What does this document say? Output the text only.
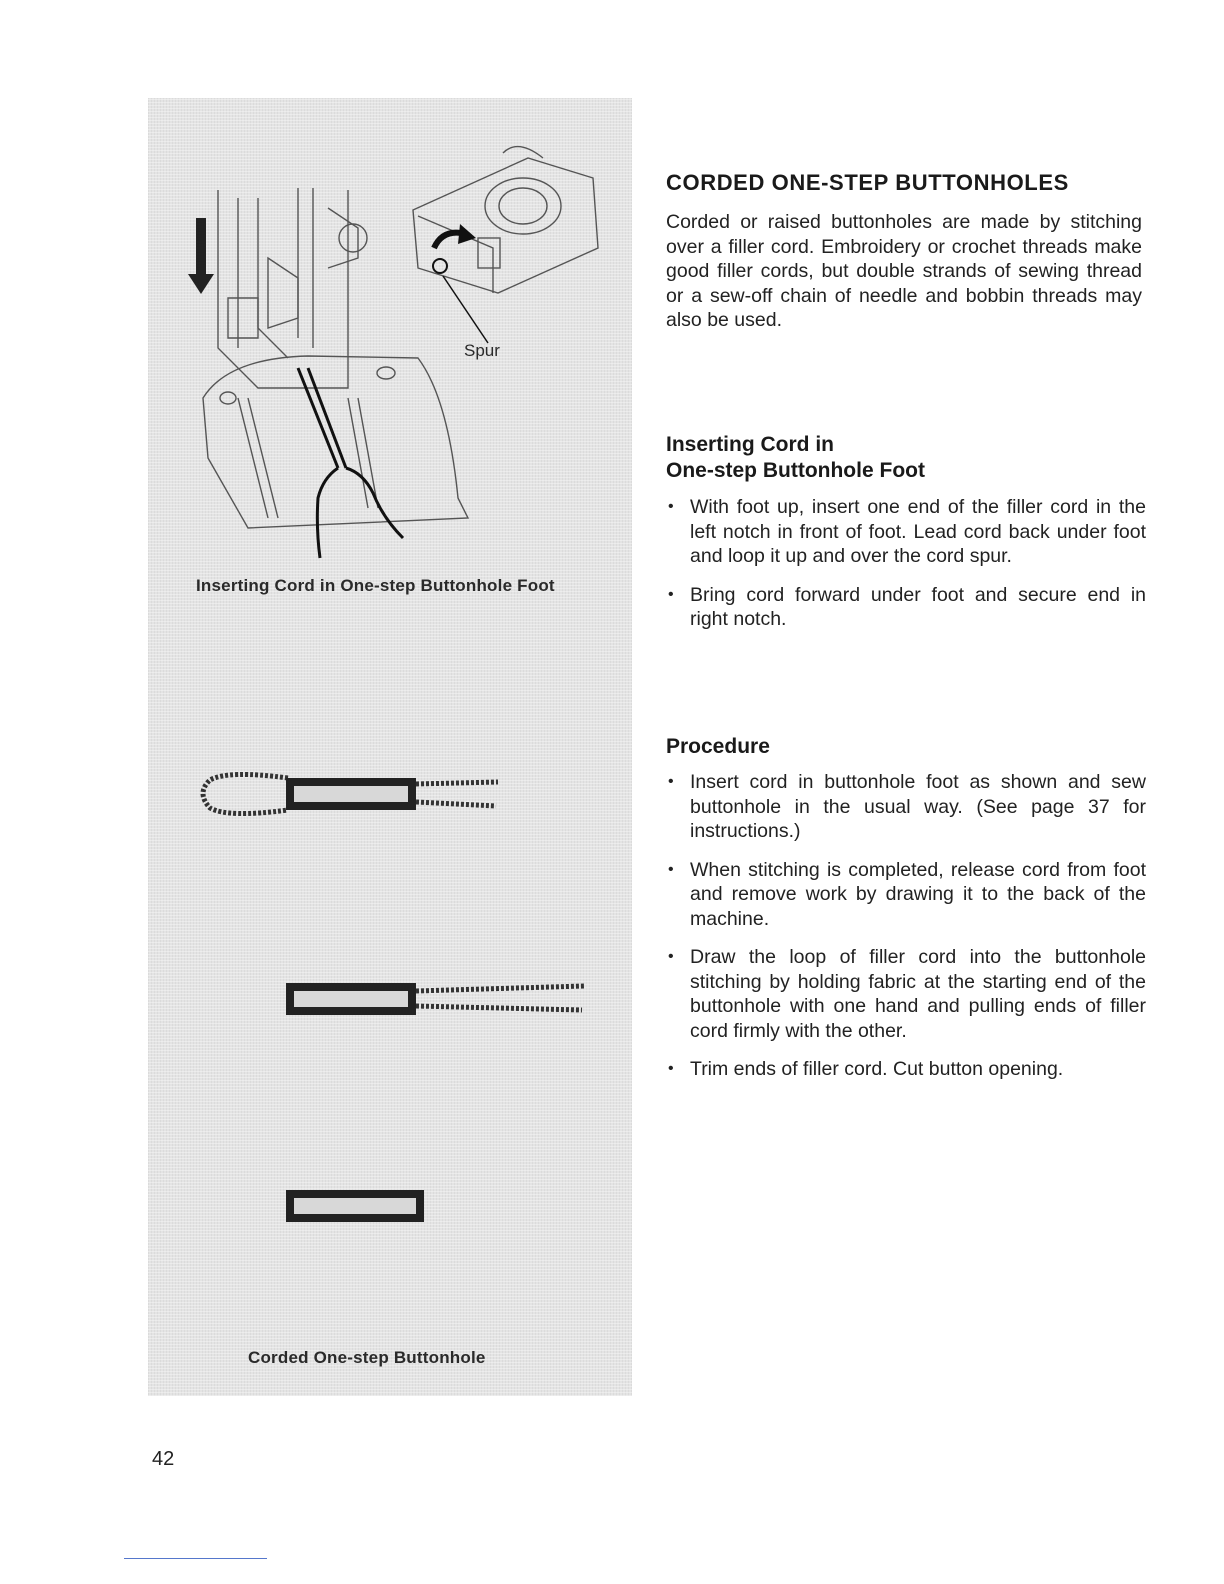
Spur
Inserting Cord in One-step Buttonhole Foot
Corded One-step Buttonhole
CORDED ONE-STEP BUTTONHOLES

Corded or raised buttonholes are made by stitching over a filler cord. Embroidery or crochet threads make good filler cords, but double strands of sewing thread or a sew-off chain of needle and bobbin threads may also be used.

Inserting Cord in
One-step Buttonhole Foot
• With foot up, insert one end of the filler cord in the left notch in front of foot. Lead cord back under foot and loop it up and over the cord spur.
• Bring cord forward under foot and secure end in right notch.
Procedure
• Insert cord in buttonhole foot as shown and sew buttonhole in the usual way. (See page 37 for instructions.)
• When stitching is completed, release cord from foot and remove work by drawing it to the back of the machine.
• Draw the loop of filler cord into the buttonhole stitching by holding fabric at the starting end of the buttonhole with one hand and pulling ends of filler cord firmly with the other.
• Trim ends of filler cord. Cut button opening.
42
